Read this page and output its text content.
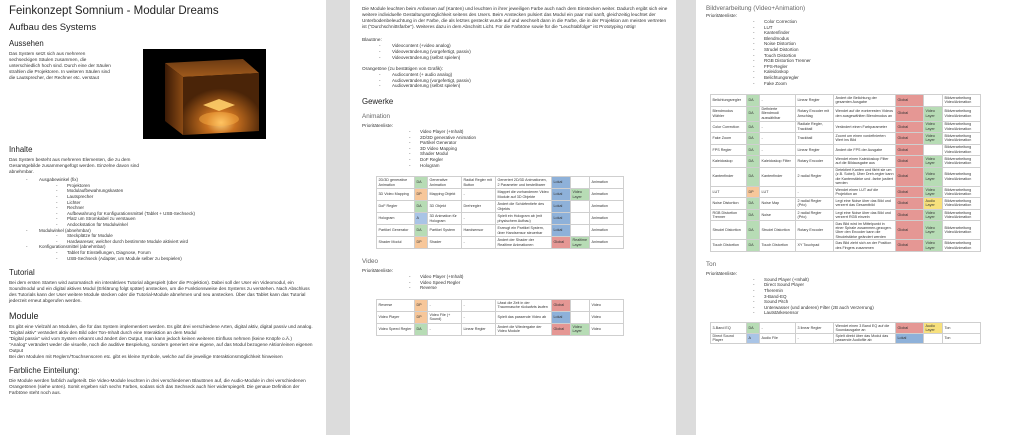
Feinkonzept Somnium - Modular Dreams
Aufbau des Systems
Aussehen
Das System setzt sich aus mehreren sechseckigen Säulen zusammen, die unterschiedlich hoch sind. Durch eine der Säulen strahlen die Projektoren. In weiteren Säulen sind die Lautsprecher, der Rechner etc. verstaut
Inhalte
Das System besteht aus mehreren Elementen, die zu dem Gesamtgebilde zusammengefügt werden. Einzelne davon sind abnehmbar.
- Ausgabewinkel (fix)
- Projektoren
- Modulaufbewahrungskasten
- Lautsprecher
- Lichter
- Rechner
- Aufbewahrung für Konfigurationsmittel (Tablet + USB-Sechseck)
- Platz um Stromkabel zu verstauen
- Andockstation für Modulwinkel
- Modulwinkel (abnehmbar)
- Steckplätze für Module
- Hardwareswr, welcher durch bestimmte Module aktiviert wird
- Konfigurationsmittel (abnehmbar)
- Tablet für Einstellungen, Diagnose, Forum
- USB-Sechseck (Adapter, um Module selber zu bespielen)
Tutorial
Bei dem ersten Starten wird automatisch ein interaktives Tutorial abgespielt (über die Projektion). Dabei soll der User ein Videomodul, ein Soundmodul und ein digital aktives Modul (Erklärung folgt später) anstecken, um die Funktionsweise des Systems zu verstehen. Nach Abschluss des Tutorials kann der User weitere Module stecken oder die Tutorial-Module abnehmen und neu anstecken. Über das Tablet kann das Tutorial jederzeit erneut abgerufen werden.
Module
Es gibt eine Vielzahl an Modulen, die für das System implementiert werden. Es gibt drei verschiedene Arten, digital aktiv, digital passiv und analog.
"Digital aktiv" verändert aktiv den Bild oder Ton-Inhalt durch eine Interaktion an dem Modul
"Digital passiv" wird vom System erkannt und ändert den Output, man kann jedoch keinen weiteren Einfluss nehmen (keine Knöpfe o.Ä.)
"Analog" verändert weder die visuelle, noch die auditive Bespielung, sondern generiert eine eigene, auf das Modul bezogene Aktion/einen eigenen Output
Bei den Modulen mit Reglern/Touchsensoren etc. gibt es kleine Symbole, welche auf die jeweilige Interaktionsmöglichkeit hinweisen
Farbliche Einteilung:
Die Module werden farblich aufgeteilt. Die Video-Module leuchten in drei verschiedenen Blautönen auf, die Audio-Module in drei verschiedenen Orangetönen (siehe unten). Somit ergeben sich sechs Farbes, sodass sich das Sechseck auch hier widerspiegelt. Die genaue Definition der Farbtöne steht noch aus.
Die Module leuchten beim Anfassen auf (Kanten) und leuchten in ihrer jeweiligen Farbe auch nach dem Einstecken weiter. Dadurch ergibt sich eine weitere individuelle Gestaltungsmöglichkeit seitens des Users. Beim Anstecken pulsiert das Modul ein paar mal sanft, gleichzeitig leuchtet der Unterbodenbeleuchtung in der Farbe, die als letztes gesteckt wurde auf und wechselt dann in die Farbe, die in der Projektion am meisten vertreten ist ("Durchschnittsfarbe"). Weiteres dazu in dem Abschnitt Licht. Für die Farbtöne sowie für die "Leuchtabfolge" ist Prototyping nötig!
Blautöne:
- Videocontent (+video analog)
- Videoveränderung (vorgefertigt, passiv)
- Videoveränderung (selbst spielen)
Orangetöne (zu bestätigen von Grafik):
- Audiocontent (+ audio analog)
- Audioveränderung (vorgefertigt, passiv)
- Audioveränderung (selbst spielen)
Gewerke
Animation
Prioritätenliste:
- Video Player (+Inhalt)
- 2D/3D generative Animation
- Partikel Generator
- 3D Video Mapping
- Shader Modul
- DoF Regler
- Hologram
2D/3D generative Animation	DA	Generative Animation	Radial Regler mit Button	Generiert 2D/3D Animationen, 2 Parameter und bestellbarer	Lokal		Animation
3D Video Mapping	DP	Mapping Objekt	-	Mappet die vorhandenen Video Module auf 3D Objekte	Lokal	Video Layer	Animation
DoF Regler	DA	3D Objekt	Drehregler	Ändert die Schärfentiefe des Objekts	Lokal		Animation
Hologram	A	3D Animation für Hologram	-	Spielt ein Hologram ab (mit physischem Aufbau)	Lokal		Animation
Partikel Generator	DA	Partikel System	Handsensor	Erzeugt ein Partikel System, über Handsensor steuerbar	Lokal		Animation
Shader Modul	DP	Shader	-	Ändert der Shader der Realtime Animationen	Global	Realtime Layer	Animation
Video
Prioritätenliste:
- Video Player (+Inhalt)
- Video Speed Regler
- Reverse
Reverse	DP	-	-	Lässt die Zeit in der Traumnasche rückwärts laufen	Global		Video
Video Player	DP	Video File (+ Sound)	-	Spielt das passende Video ab	Lokal		Video
Video Speed Regler	DA	-	Linear Regler	Ändert die Wiedergabe der Video Module	Global	Video Layer	Video
Bildverarbeitung (Video+Animation)
Prioritätenliste:
- Color Correction
- LUT
- Kantenfinder
- Blendmodus
- Noise Distortion
- Strudel Distortion
- Touch Distortion
- RGB Distortion Trenner
- FPS-Regler
- Kaleidoskop
- Belichtungsregler
- Fake Zoom
Belichtungsregler	DA	-	Linear Regler	Ändert die Belichtung der gesamten Ausgabe	Global		Bildverarbeitung Video/Animation
Blendmodus Wähler	DA	Definierte Blendmodi auswählbar	Rotary Encoder mit Anschlag	Wendet auf die eonteresten Videos den ausgewählten Blendmodus an	Global	Video Layer	Bildverarbeitung Video/Animation
Color Correction	DA	-	Radiale Regler, Trackball	Verändert einen Farbparameter	Global	Video Layer	Bildverarbeitung Video/Animation
Fake Zoom	DA	-	Trackball	Zoomt um einen vordefinierten Wert ins Bild	Global	Video Layer	Bildverarbeitung Video/Animation
FPS Regler	DA	-	Linear Regler	Ändert die FPS der Ausgabe	Global		Bildverarbeitung Video/Animation
Kaleidoskop	DA	Kaleidoskop Filter	Rotary Encoder	Wendet einen Kaleidoskop Filter auf die Bildausgabe aus	Global	Video Layer	Bildverarbeitung Video/Animation
Kantenfinder	DA	Kantenfinder	2 radial Regler	Detektiert Kanten und färbt sie um (z.B. Sobel). Über Dreh-regler kann die Kantenstärke und -farbe justiert werden	Global	Video Layer	Bildverarbeitung Video/Animation
LUT	DP	LUT	-	Wendet einen LUT auf die Projektion an	Global	Video Layer	Bildverarbeitung Video/Animation
Noise Distortion	DA	Noise Map	2 radial Regler (Prio)	Legt eine Noise über das Bild und verzerrt das Gesamtbild	Global	Audio Layer	Bildverarbeitung Video/Animation
RGB Distortion Trenner	DA	Noise	2 radial Regler (Prio)	Legt eine Noise über das Bild und verzerrt RGB einzeln	Global	Video Layer	Bildverarbeitung Video/Animation
Strudel Distortion	DA	Strudel Distortion	Rotary Encoder	Das Bild wird im Mittelpunkt in einer Spirale zusammen-gezogen. Über den Encoder kann die Strudelstärke geändert werden	Global	Video Layer	Bildverarbeitung Video/Animation
Touch Distortion	DA	Touch Distortion	XY Touchpad	Das Bild zieht sich an der Position des Fingers zusammen	Global	Video Layer	Bildverarbeitung Video/Animation
Ton
Prioritätenliste:
- Sound Player (+Inhalt)
- Direct Sound Player
- Theremin
- 3-Band-EQ
- Sound Pitch
- Unterwasser (und anderen) Filter (zB auch Verzerrung)
- Lautstärkesensor
3-Band EQ	DA	-	3 linear Regler	Wendet einen 3 Band EQ auf die Soundausgabe an	Global	Audio Layer	Ton
Direct Sound Player	A	Audio File	-	Spielt direkt über das Modul das passende Audiofile ab	Lokal		Ton
